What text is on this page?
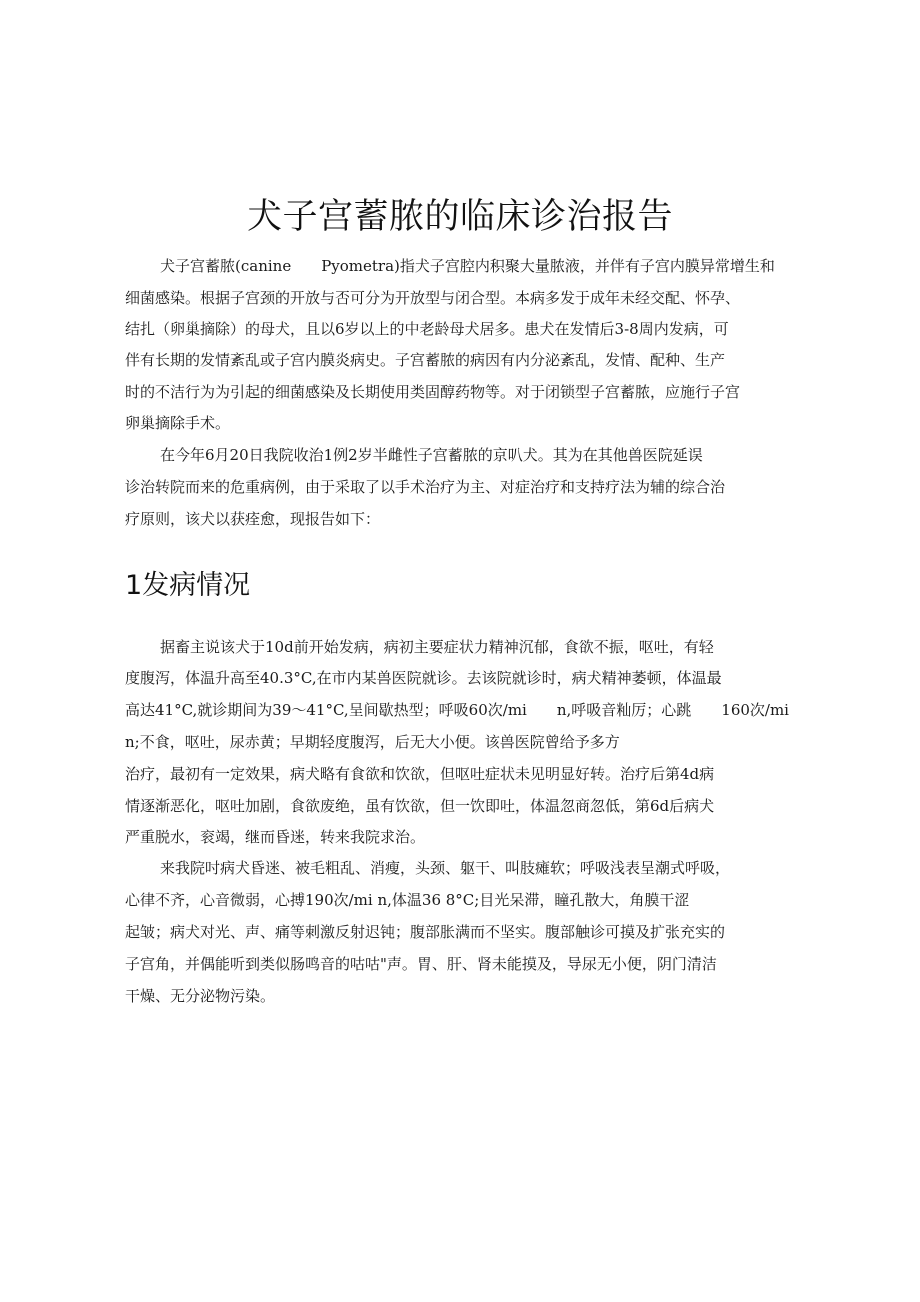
犬子宫蓄脓的临床诊治报告

犬子宫蓄脓(canine　　Pyometra)指犬子宫腔内积聚大量脓液，并伴有子宫内膜异常增生和

细菌感染。根据子宫颈的开放与否可分为开放型与闭合型。本病多发于成年未经交配、怀孕、

结扎（卵巢摘除）的母犬，且以6岁以上的中老龄母犬居多。患犬在发情后3-8周内发病，可

伴有长期的发情紊乱或子宫内膜炎病史。子宫蓄脓的病因有内分泌紊乱，发情、配种、生产

时的不洁行为为引起的细菌感染及长期使用类固醇药物等。对于闭锁型子宫蓄脓，应施行子宫

卵巢摘除手术。

在今年6月20日我院收治1例2岁半雌性子宫蓄脓的京叭犬。其为在其他兽医院延误

诊治转院而来的危重病例，由于采取了以手术治疗为主、对症治疗和支持疗法为辅的综合治

疗原则，该犬以获痊愈，现报告如下：

1发病情况

据畜主说该犬于10d前开始发病，病初主要症状力精神沉郁，食欲不振，呕吐，有轻

度腹泻，体温升高至40.3°C,在市内某兽医院就诊。去该院就诊时，病犬精神萎顿，体温最

高达41°C,就诊期间为39～41°C,呈间歇热型；呼吸60次/mi　　n,呼吸音籼厉；心跳　　160次/mi

n;不食，呕吐，尿赤黄；早期轻度腹泻，后无大小便。该兽医院曾给予多方

治疗，最初有一定效果，病犬略有食欲和饮欲，但呕吐症状未见明显好转。治疗后第4d病

情逐渐恶化，呕吐加剧，食欲废绝，虽有饮欲，但一饮即吐，体温忽商忽低，第6d后病犬

严重脱水，衮竭，继而昏迷，转来我院求治。

来我院吋病犬昏迷、被毛粗乱、消瘦，头颈、躯干、叫肢瘫软；呼吸浅表呈潮式呼吸，

心律不齐，心音微弱，心搏190次/mi n,体温36 8°C;目光呆滞，瞳孔散大，角膜干涩

起皱；病犬对光、声、痛等刺激反射迟钝；腹部胀满而不坚实。腹部触诊可摸及扩张充实的

子宫角，并偶能听到类似肠鸣音的咕咕"声。胃、肝、肾未能摸及，导尿无小便，阴门清洁

干燥、无分泌物污染。
